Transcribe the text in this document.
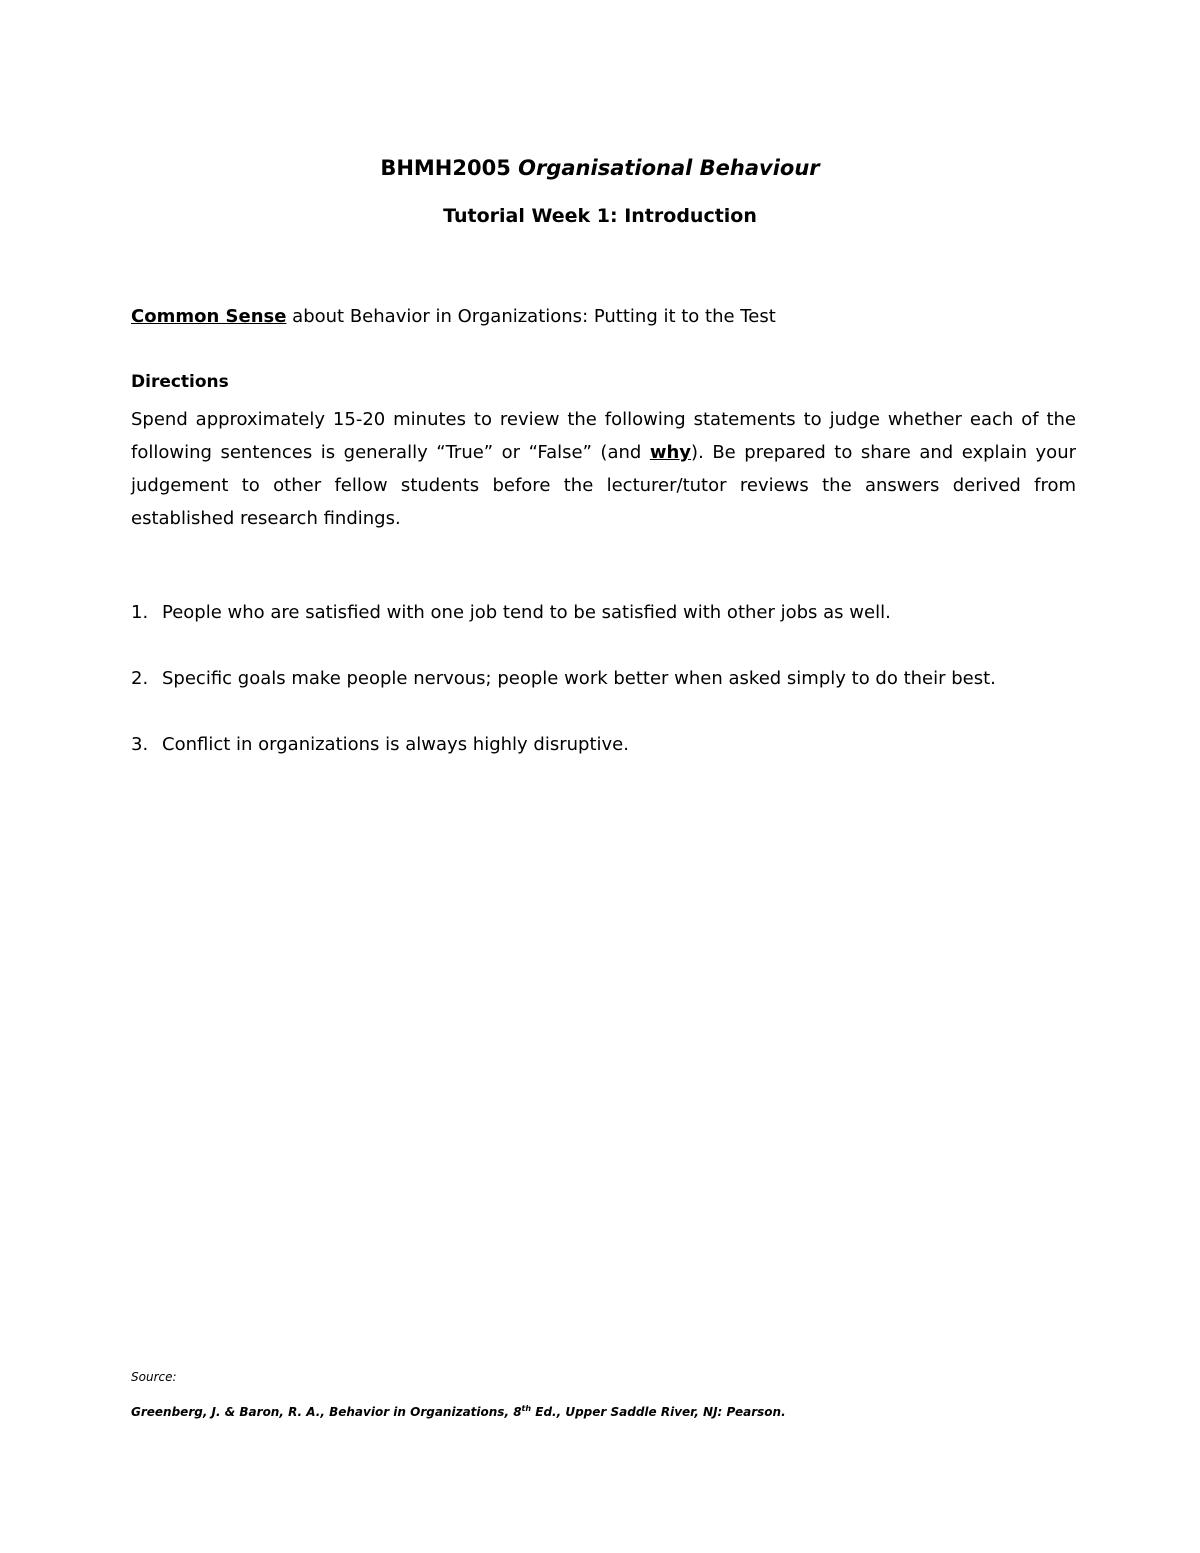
BHMH2005 Organisational Behaviour
Tutorial Week 1: Introduction
Common Sense about Behavior in Organizations: Putting it to the Test
Directions
Spend approximately 15-20 minutes to review the following statements to judge whether each of the following sentences is generally “True” or “False” (and why). Be prepared to share and explain your judgement to other fellow students before the lecturer/tutor reviews the answers derived from established research findings.
1. People who are satisfied with one job tend to be satisfied with other jobs as well.
2. Specific goals make people nervous; people work better when asked simply to do their best.
3. Conflict in organizations is always highly disruptive.
Source:
Greenberg, J. & Baron, R. A., Behavior in Organizations, 8th Ed., Upper Saddle River, NJ: Pearson.
